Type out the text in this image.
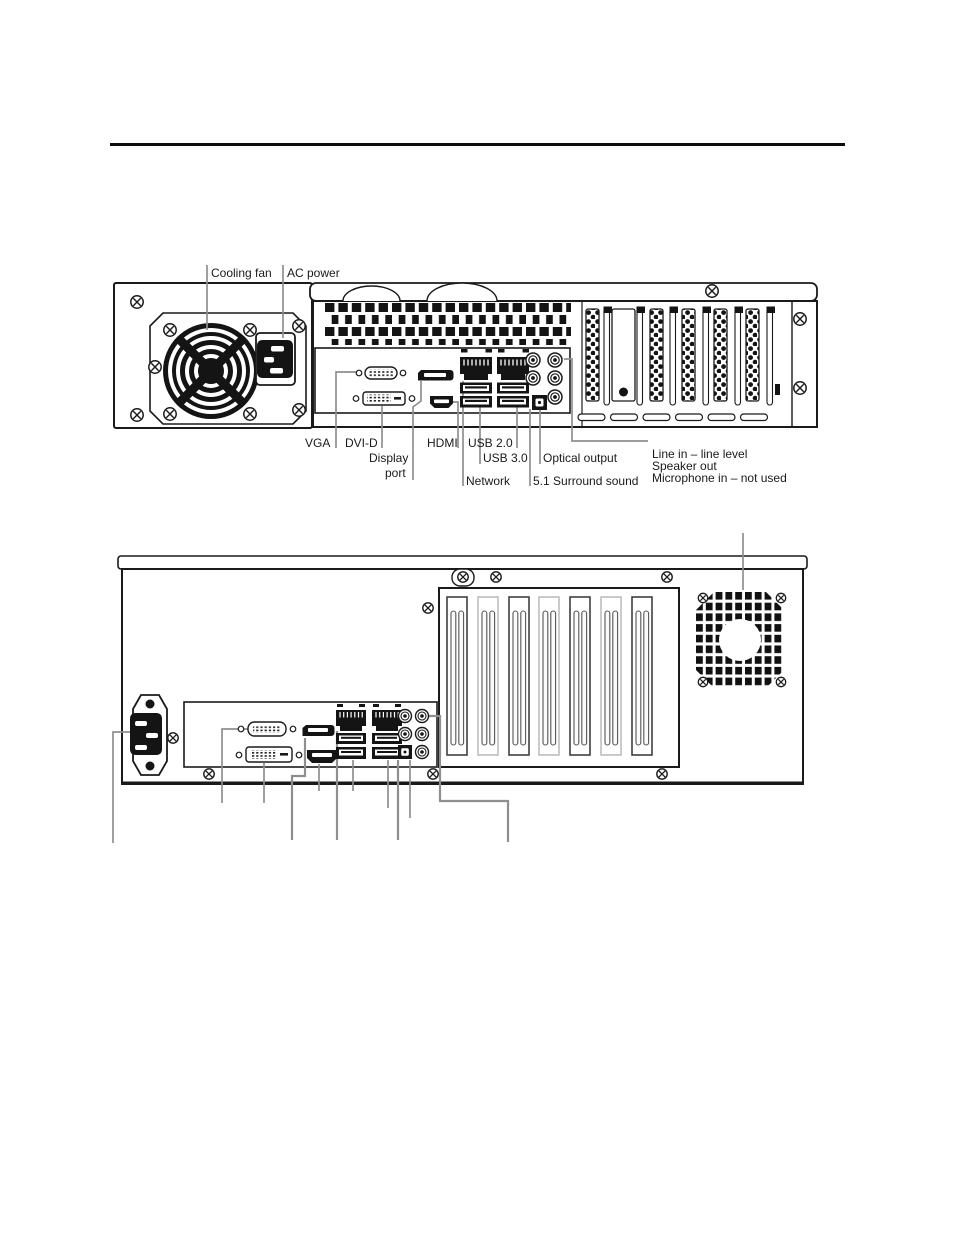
Cooling fan AC power
VGA DVI-D
Display
port
HDMI USB 2.0
USB 3.0
Network
Optical output
5.1 Surround sound
Line in – line level
Speaker out
Microphone in – not used
